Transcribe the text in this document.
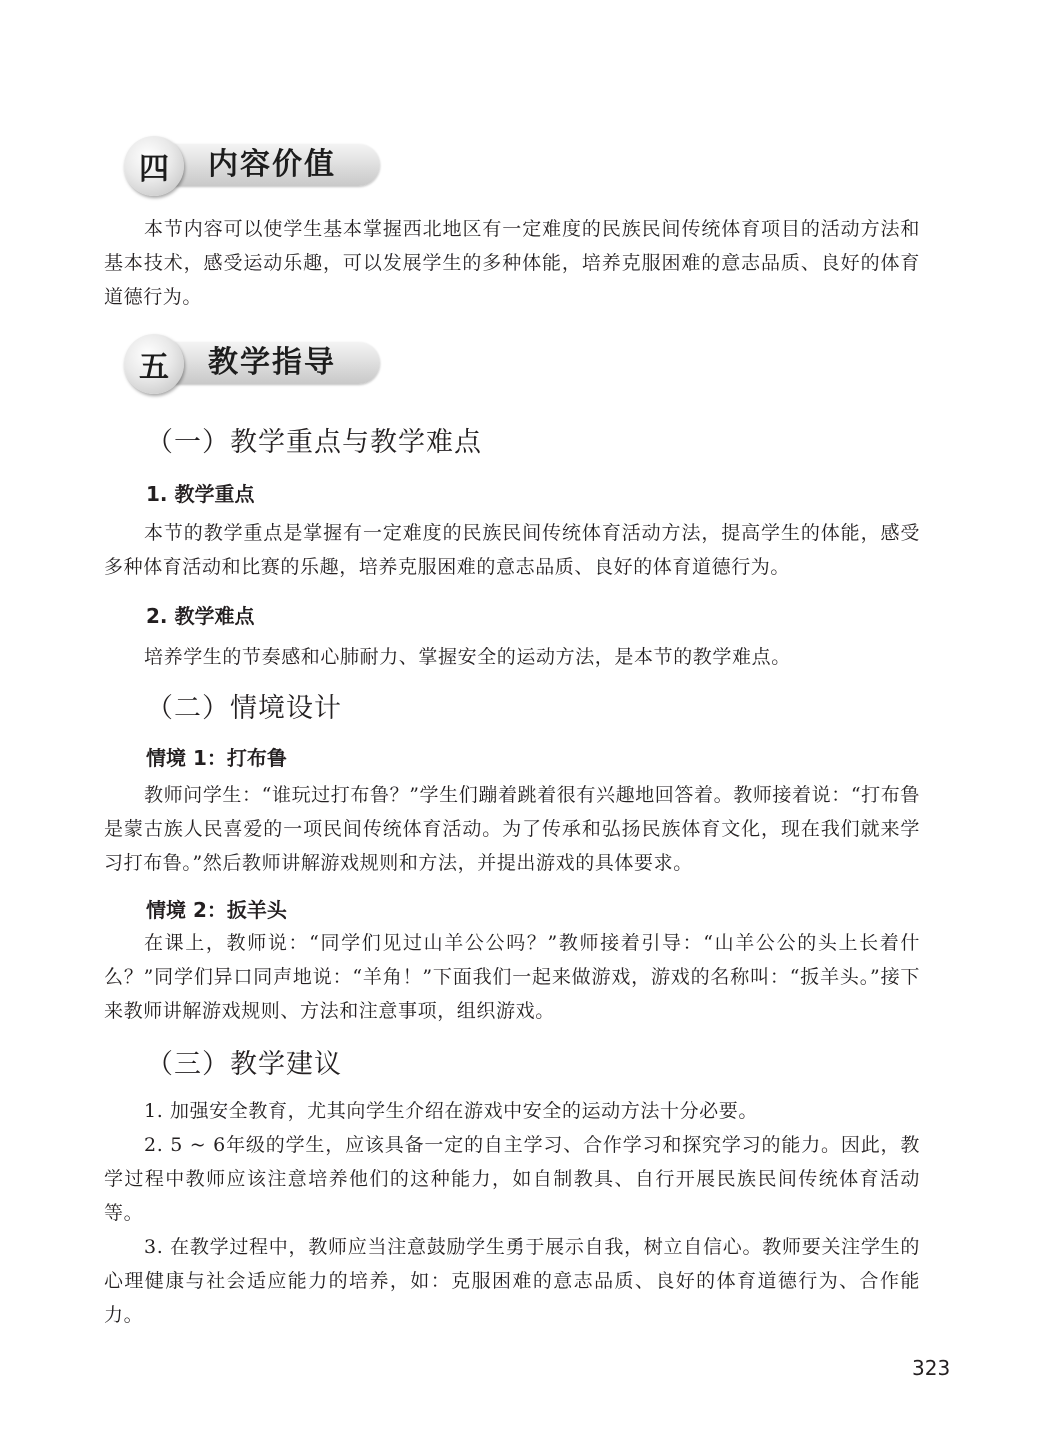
四	内容价值

本节内容可以使学生基本掌握西北地区有一定难度的民族民间传统体育项目的活动方法和基本技术，感受运动乐趣，可以发展学生的多种体能，培养克服困难的意志品质、良好的体育道德行为。

五	教学指导
（一）教学重点与教学难点
1. 教学重点

本节的教学重点是掌握有一定难度的民族民间传统体育活动方法，提高学生的体能，感受多种体育活动和比赛的乐趣，培养克服困难的意志品质、良好的体育道德行为。

2. 教学难点

培养学生的节奏感和心肺耐力、掌握安全的运动方法，是本节的教学难点。

（二）情境设计
情境 1：打布鲁

教师问学生：“谁玩过打布鲁？”学生们蹦着跳着很有兴趣地回答着。教师接着说：“打布鲁是蒙古族人民喜爱的一项民间传统体育活动。为了传承和弘扬民族体育文化，现在我们就来学习打布鲁。”然后教师讲解游戏规则和方法，并提出游戏的具体要求。

情境 2：扳羊头

在课上，教师说：“同学们见过山羊公公吗？”教师接着引导：“山羊公公的头上长着什么？”同学们异口同声地说：“羊角！”下面我们一起来做游戏，游戏的名称叫：“扳羊头。”接下来教师讲解游戏规则、方法和注意事项，组织游戏。

（三）教学建议

1. 加强安全教育，尤其向学生介绍在游戏中安全的运动方法十分必要。

2. 5 ~ 6年级的学生，应该具备一定的自主学习、合作学习和探究学习的能力。因此，教学过程中教师应该注意培养他们的这种能力，如自制教具、自行开展民族民间传统体育活动等。

3. 在教学过程中，教师应当注意鼓励学生勇于展示自我，树立自信心。教师要关注学生的心理健康与社会适应能力的培养，如：克服困难的意志品质、良好的体育道德行为、合作能力。

323
